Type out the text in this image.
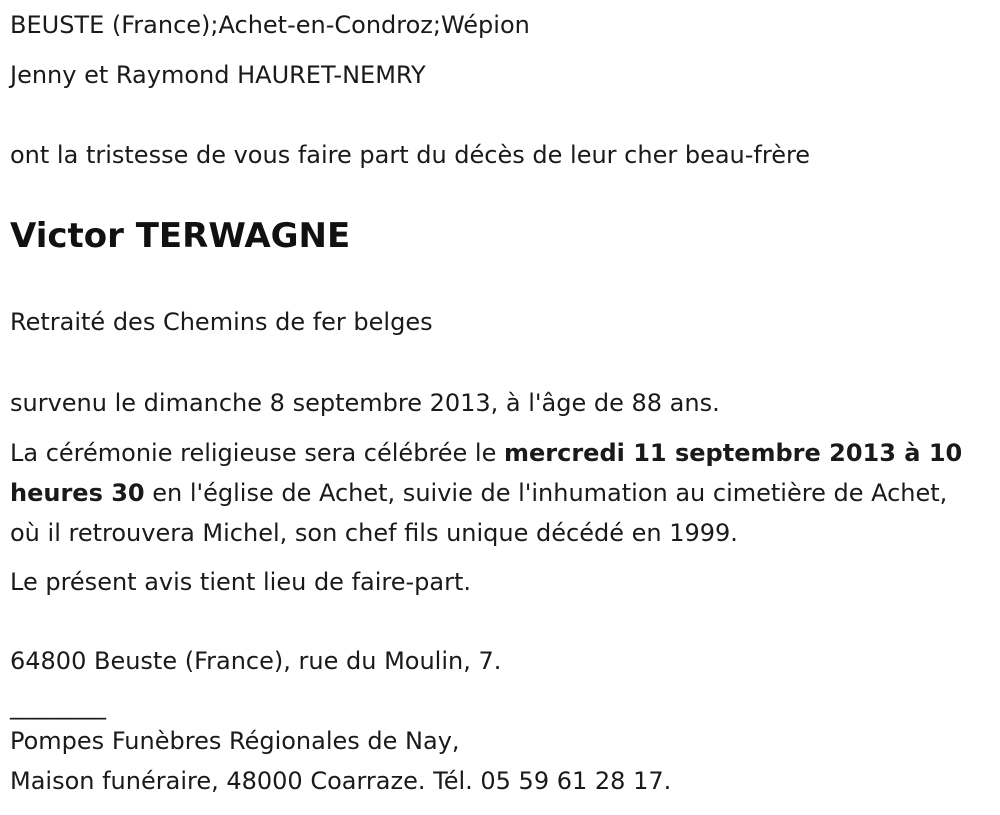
BEUSTE (France);Achet-en-Condroz;Wépion
Jenny et Raymond HAURET-NEMRY
ont la tristesse de vous faire part du décès de leur cher beau-frère
Victor TERWAGNE
Retraité des Chemins de fer belges
survenu le dimanche 8 septembre 2013, à l'âge de 88 ans.
La cérémonie religieuse sera célébrée le mercredi 11 septembre 2013 à 10 heures 30 en l'église de Achet, suivie de l'inhumation au cimetière de Achet, où il retrouvera Michel, son chef fils unique décédé en 1999.
Le présent avis tient lieu de faire-part.
64800 Beuste (France), rue du Moulin, 7.
________
Pompes Funèbres Régionales de Nay,
Maison funéraire, 48000 Coarraze. Tél. 05 59 61 28 17.
